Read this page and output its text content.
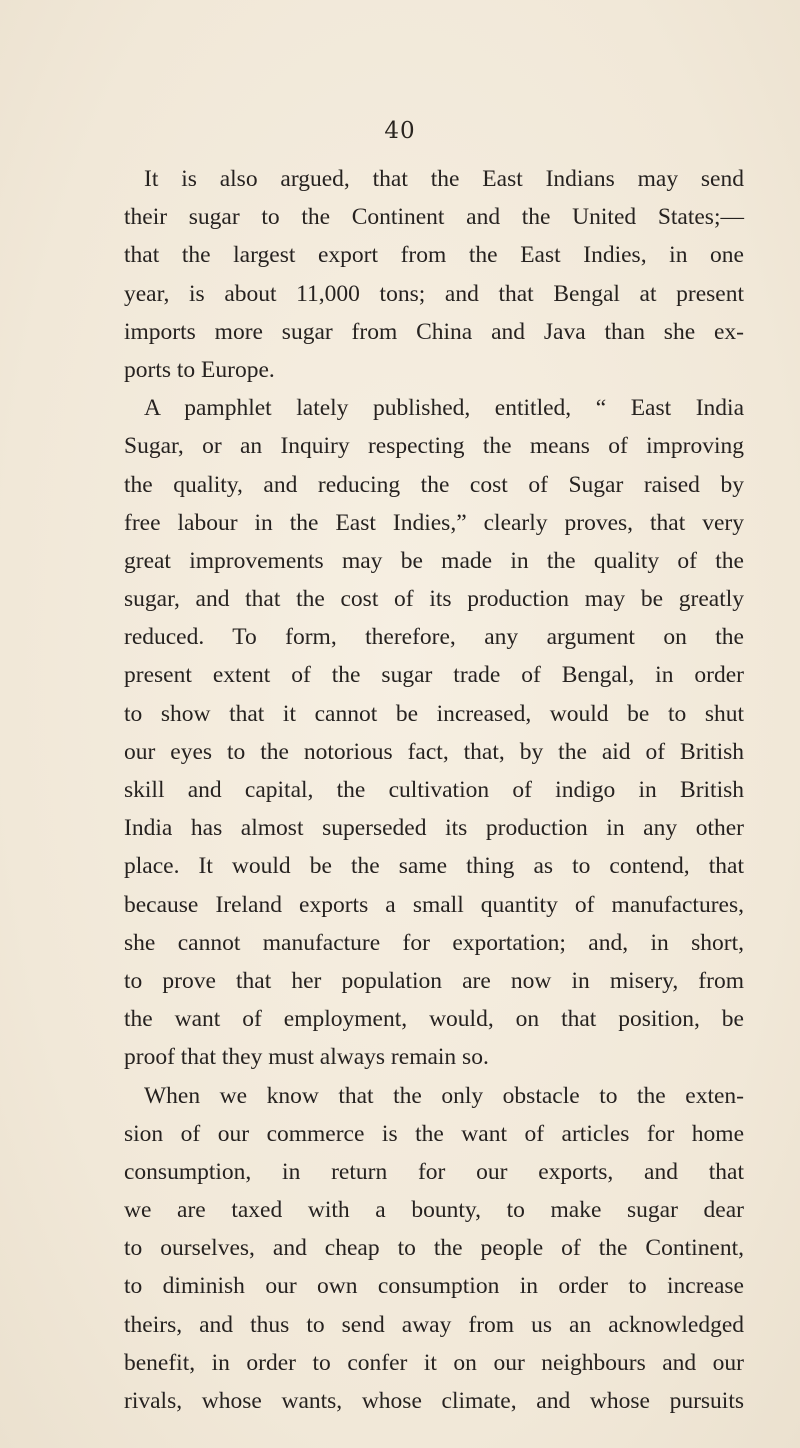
40
It is also argued, that the East Indians may send
their sugar to the Continent and the United States;—
that the largest export from the East Indies, in one
year, is about 11,000 tons; and that Bengal at present
imports more sugar from China and Java than she ex-
ports to Europe.
A pamphlet lately published, entitled, “ East India
Sugar, or an Inquiry respecting the means of improving
the quality, and reducing the cost of Sugar raised by
free labour in the East Indies,” clearly proves, that very
great improvements may be made in the quality of the
sugar, and that the cost of its production may be greatly
reduced. To form, therefore, any argument on the
present extent of the sugar trade of Bengal, in order
to show that it cannot be increased, would be to shut
our eyes to the notorious fact, that, by the aid of British
skill and capital, the cultivation of indigo in British
India has almost superseded its production in any other
place. It would be the same thing as to contend, that
because Ireland exports a small quantity of manufactures,
she cannot manufacture for exportation; and, in short,
to prove that her population are now in misery, from
the want of employment, would, on that position, be
proof that they must always remain so.
When we know that the only obstacle to the exten-
sion of our commerce is the want of articles for home
consumption, in return for our exports, and that
we are taxed with a bounty, to make sugar dear
to ourselves, and cheap to the people of the Continent,
to diminish our own consumption in order to increase
theirs, and thus to send away from us an acknowledged
benefit, in order to confer it on our neighbours and our
rivals, whose wants, whose climate, and whose pursuits
